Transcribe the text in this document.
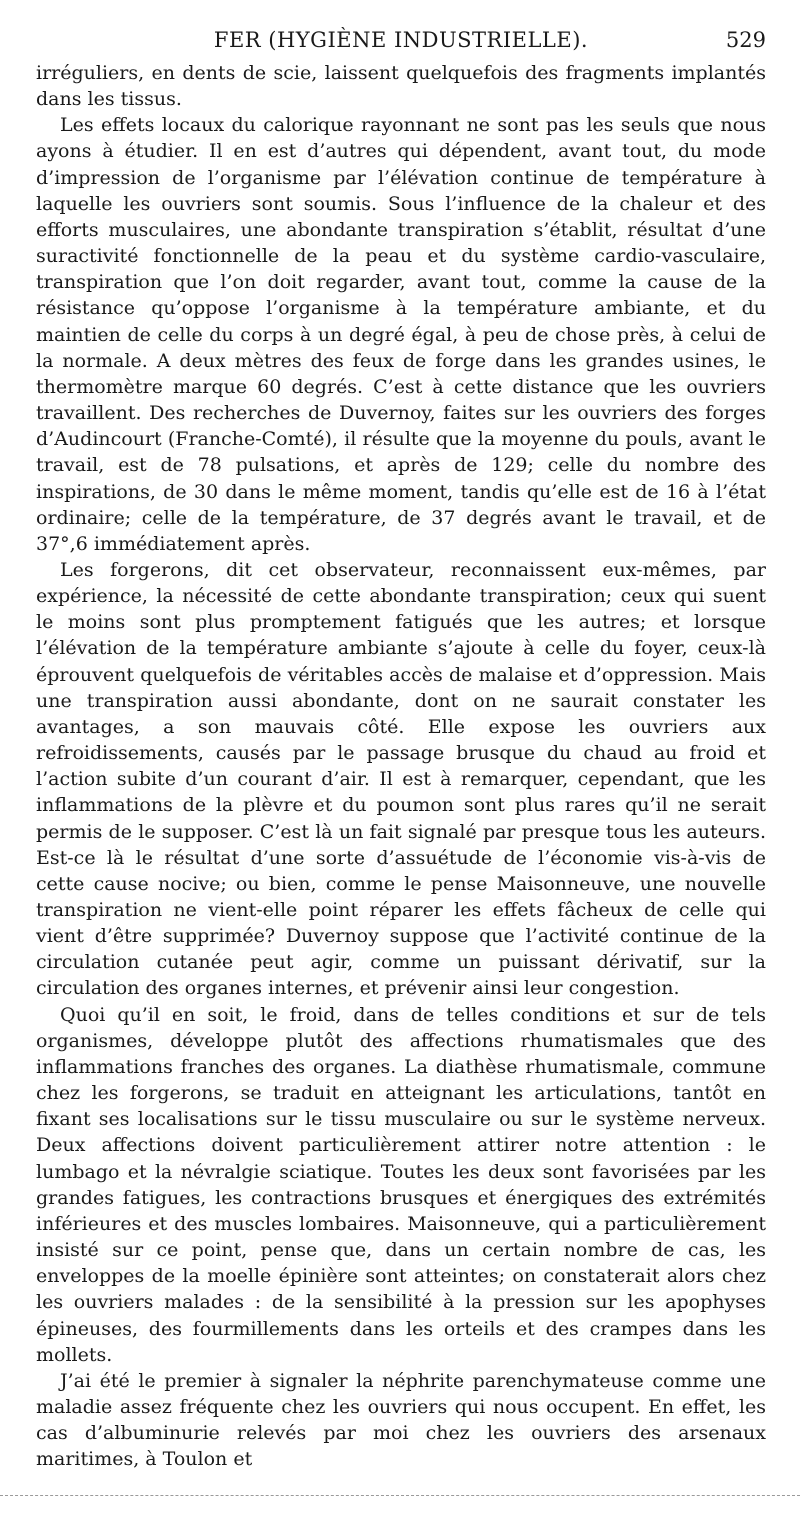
FER (HYGIÈNE INDUSTRIELLE).	529

irréguliers, en dents de scie, laissent quelquefois des fragments implantés dans les tissus.

Les effets locaux du calorique rayonnant ne sont pas les seuls que nous ayons à étudier. Il en est d’autres qui dépendent, avant tout, du mode d’impression de l’organisme par l’élévation continue de température à laquelle les ouvriers sont soumis. Sous l’influence de la chaleur et des efforts musculaires, une abondante transpiration s’établit, résultat d’une suractivité fonctionnelle de la peau et du système cardio-vasculaire, transpiration que l’on doit regarder, avant tout, comme la cause de la résistance qu’oppose l’organisme à la température ambiante, et du maintien de celle du corps à un degré égal, à peu de chose près, à celui de la normale. A deux mètres des feux de forge dans les grandes usines, le thermomètre marque 60 degrés. C’est à cette distance que les ouvriers travaillent. Des recherches de Duvernoy, faites sur les ouvriers des forges d’Audincourt (Franche-Comté), il résulte que la moyenne du pouls, avant le travail, est de 78 pulsations, et après de 129; celle du nombre des inspirations, de 30 dans le même moment, tandis qu’elle est de 16 à l’état ordinaire; celle de la température, de 37 degrés avant le travail, et de 37°,6 immédiatement après.

Les forgerons, dit cet observateur, reconnaissent eux-mêmes, par expérience, la nécessité de cette abondante transpiration; ceux qui suent le moins sont plus promptement fatigués que les autres; et lorsque l’élévation de la température ambiante s’ajoute à celle du foyer, ceux-là éprouvent quelquefois de véritables accès de malaise et d’oppression. Mais une transpiration aussi abondante, dont on ne saurait constater les avantages, a son mauvais côté. Elle expose les ouvriers aux refroidissements, causés par le passage brusque du chaud au froid et l’action subite d’un courant d’air. Il est à remarquer, cependant, que les inflammations de la plèvre et du poumon sont plus rares qu’il ne serait permis de le supposer. C’est là un fait signalé par presque tous les auteurs. Est-ce là le résultat d’une sorte d’assuétude de l’économie vis-à-vis de cette cause nocive; ou bien, comme le pense Maisonneuve, une nouvelle transpiration ne vient-elle point réparer les effets fâcheux de celle qui vient d’être supprimée? Duvernoy suppose que l’activité continue de la circulation cutanée peut agir, comme un puissant dérivatif, sur la circulation des organes internes, et prévenir ainsi leur congestion.

Quoi qu’il en soit, le froid, dans de telles conditions et sur de tels organismes, développe plutôt des affections rhumatismales que des inflammations franches des organes. La diathèse rhumatismale, commune chez les forgerons, se traduit en atteignant les articulations, tantôt en fixant ses localisations sur le tissu musculaire ou sur le système nerveux. Deux affections doivent particulièrement attirer notre attention : le lumbago et la névralgie sciatique. Toutes les deux sont favorisées par les grandes fatigues, les contractions brusques et énergiques des extrémités inférieures et des muscles lombaires. Maisonneuve, qui a particulièrement insisté sur ce point, pense que, dans un certain nombre de cas, les enveloppes de la moelle épinière sont atteintes; on constaterait alors chez les ouvriers malades : de la sensibilité à la pression sur les apophyses épineuses, des fourmillements dans les orteils et des crampes dans les mollets.

J’ai été le premier à signaler la néphrite parenchymateuse comme une maladie assez fréquente chez les ouvriers qui nous occupent. En effet, les cas d’albuminurie relevés par moi chez les ouvriers des arsenaux maritimes, à Toulon et
